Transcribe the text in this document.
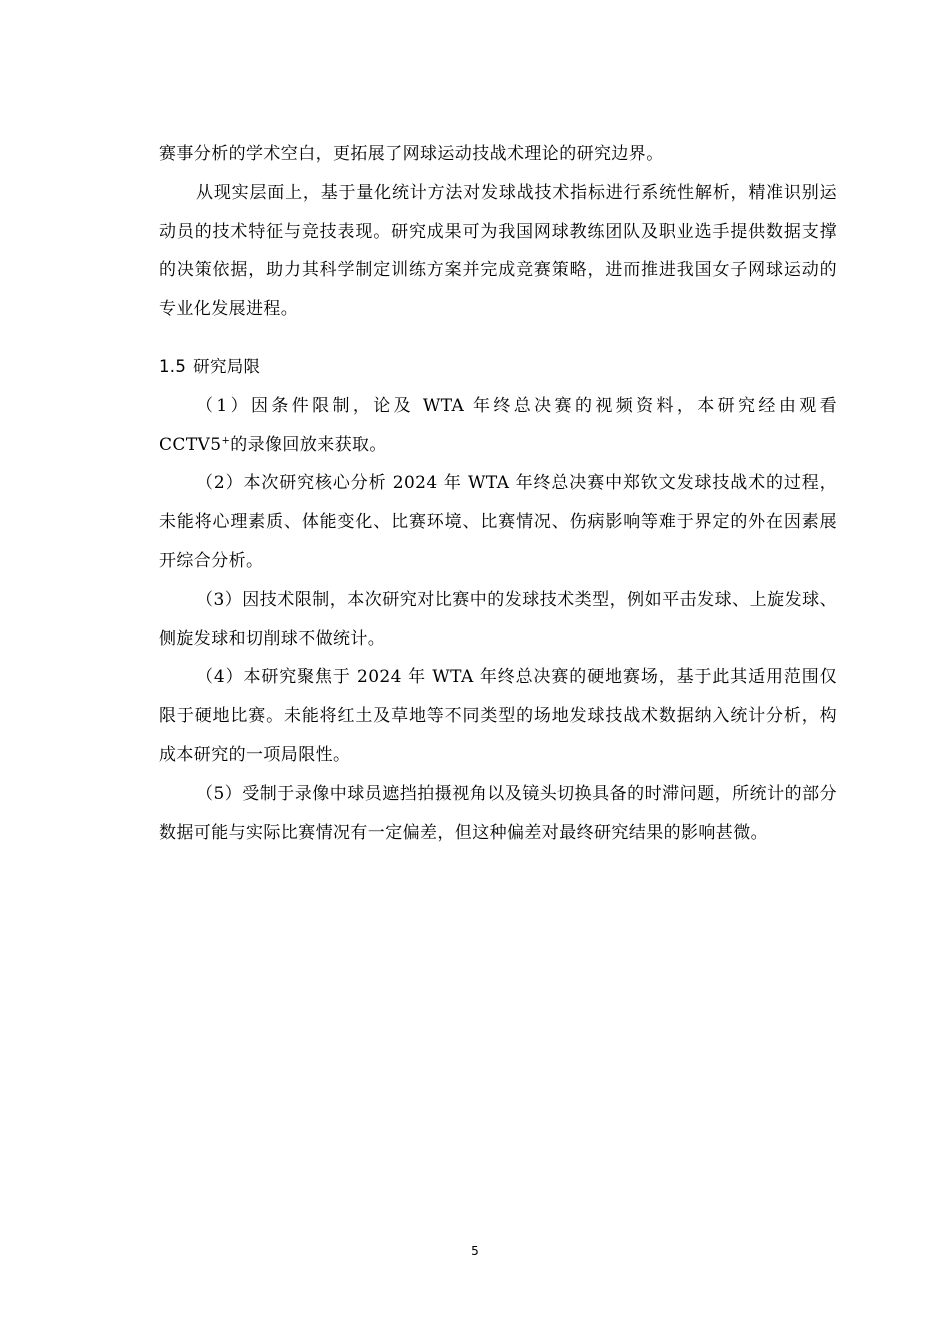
赛事分析的学术空白，更拓展了网球运动技战术理论的研究边界。

从现实层面上，基于量化统计方法对发球战技术指标进行系统性解析，精准识别运动员的技术特征与竞技表现。研究成果可为我国网球教练团队及职业选手提供数据支撑的决策依据，助力其科学制定训练方案并完成竞赛策略，进而推进我国女子网球运动的专业化发展进程。

1.5 研究局限

（1）因条件限制，论及 WTA 年终总决赛的视频资料，本研究经由观看 CCTV5+的录像回放来获取。

（2）本次研究核心分析 2024 年 WTA 年终总决赛中郑钦文发球技战术的过程，未能将心理素质、体能变化、比赛环境、比赛情况、伤病影响等难于界定的外在因素展开综合分析。

（3）因技术限制，本次研究对比赛中的发球技术类型，例如平击发球、上旋发球、侧旋发球和切削球不做统计。

（4）本研究聚焦于 2024 年 WTA 年终总决赛的硬地赛场，基于此其适用范围仅限于硬地比赛。未能将红土及草地等不同类型的场地发球技战术数据纳入统计分析，构成本研究的一项局限性。

（5）受制于录像中球员遮挡拍摄视角以及镜头切换具备的时滞问题，所统计的部分数据可能与实际比赛情况有一定偏差，但这种偏差对最终研究结果的影响甚微。

5
